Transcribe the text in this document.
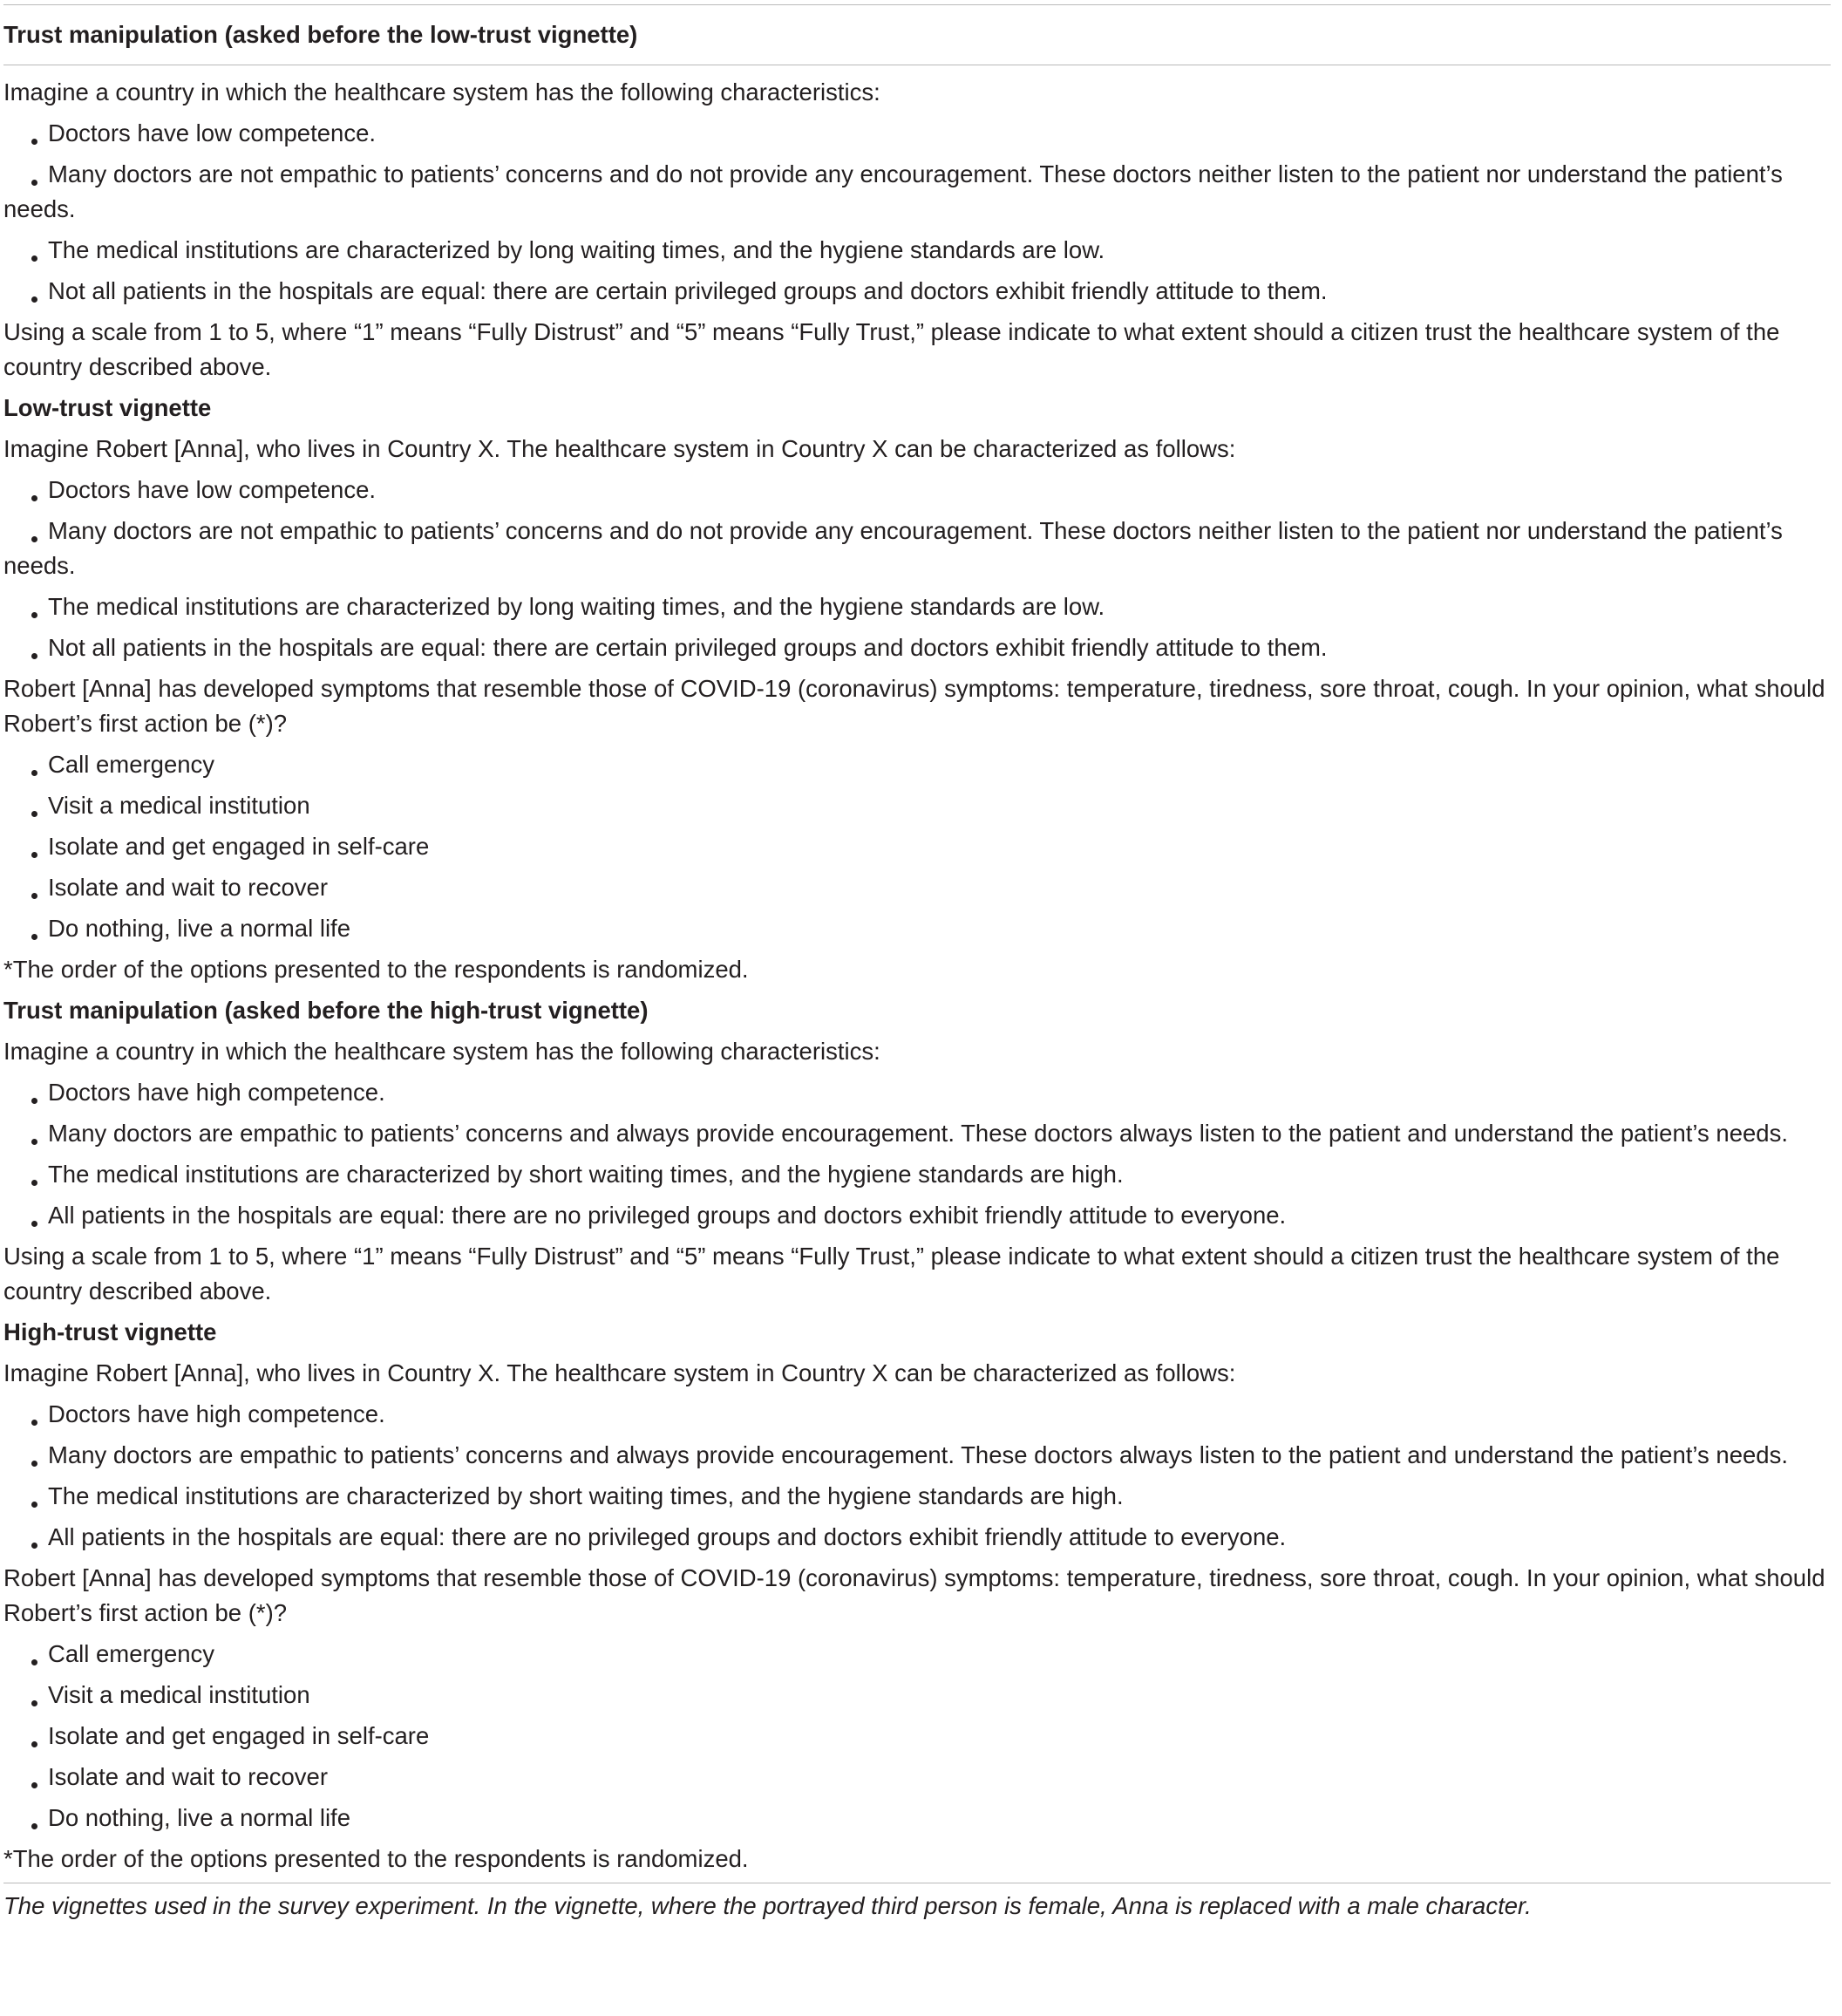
Trust manipulation (asked before the low-trust vignette)

Imagine a country in which the healthcare system has the following characteristics:

Doctors have low competence.

Many doctors are not empathic to patients’ concerns and do not provide any encouragement. These doctors neither listen to the patient nor understand the patient’s needs.

The medical institutions are characterized by long waiting times, and the hygiene standards are low.

Not all patients in the hospitals are equal: there are certain privileged groups and doctors exhibit friendly attitude to them.

Using a scale from 1 to 5, where “1” means “Fully Distrust” and “5” means “Fully Trust,” please indicate to what extent should a citizen trust the healthcare system of the country described above.

Low-trust vignette

Imagine Robert [Anna], who lives in Country X. The healthcare system in Country X can be characterized as follows:

Doctors have low competence.

Many doctors are not empathic to patients’ concerns and do not provide any encouragement. These doctors neither listen to the patient nor understand the patient’s needs.

The medical institutions are characterized by long waiting times, and the hygiene standards are low.

Not all patients in the hospitals are equal: there are certain privileged groups and doctors exhibit friendly attitude to them.

Robert [Anna] has developed symptoms that resemble those of COVID-19 (coronavirus) symptoms: temperature, tiredness, sore throat, cough. In your opinion, what should Robert’s first action be (*)?

Call emergency

Visit a medical institution

Isolate and get engaged in self-care

Isolate and wait to recover

Do nothing, live a normal life

*The order of the options presented to the respondents is randomized.

Trust manipulation (asked before the high-trust vignette)

Imagine a country in which the healthcare system has the following characteristics:

Doctors have high competence.

Many doctors are empathic to patients’ concerns and always provide encouragement. These doctors always listen to the patient and understand the patient’s needs.

The medical institutions are characterized by short waiting times, and the hygiene standards are high.

All patients in the hospitals are equal: there are no privileged groups and doctors exhibit friendly attitude to everyone.

Using a scale from 1 to 5, where “1” means “Fully Distrust” and “5” means “Fully Trust,” please indicate to what extent should a citizen trust the healthcare system of the country described above.

High-trust vignette

Imagine Robert [Anna], who lives in Country X. The healthcare system in Country X can be characterized as follows:

Doctors have high competence.

Many doctors are empathic to patients’ concerns and always provide encouragement. These doctors always listen to the patient and understand the patient’s needs.

The medical institutions are characterized by short waiting times, and the hygiene standards are high.

All patients in the hospitals are equal: there are no privileged groups and doctors exhibit friendly attitude to everyone.

Robert [Anna] has developed symptoms that resemble those of COVID-19 (coronavirus) symptoms: temperature, tiredness, sore throat, cough. In your opinion, what should Robert’s first action be (*)?

Call emergency

Visit a medical institution

Isolate and get engaged in self-care

Isolate and wait to recover

Do nothing, live a normal life

*The order of the options presented to the respondents is randomized.

The vignettes used in the survey experiment. In the vignette, where the portrayed third person is female, Anna is replaced with a male character.
